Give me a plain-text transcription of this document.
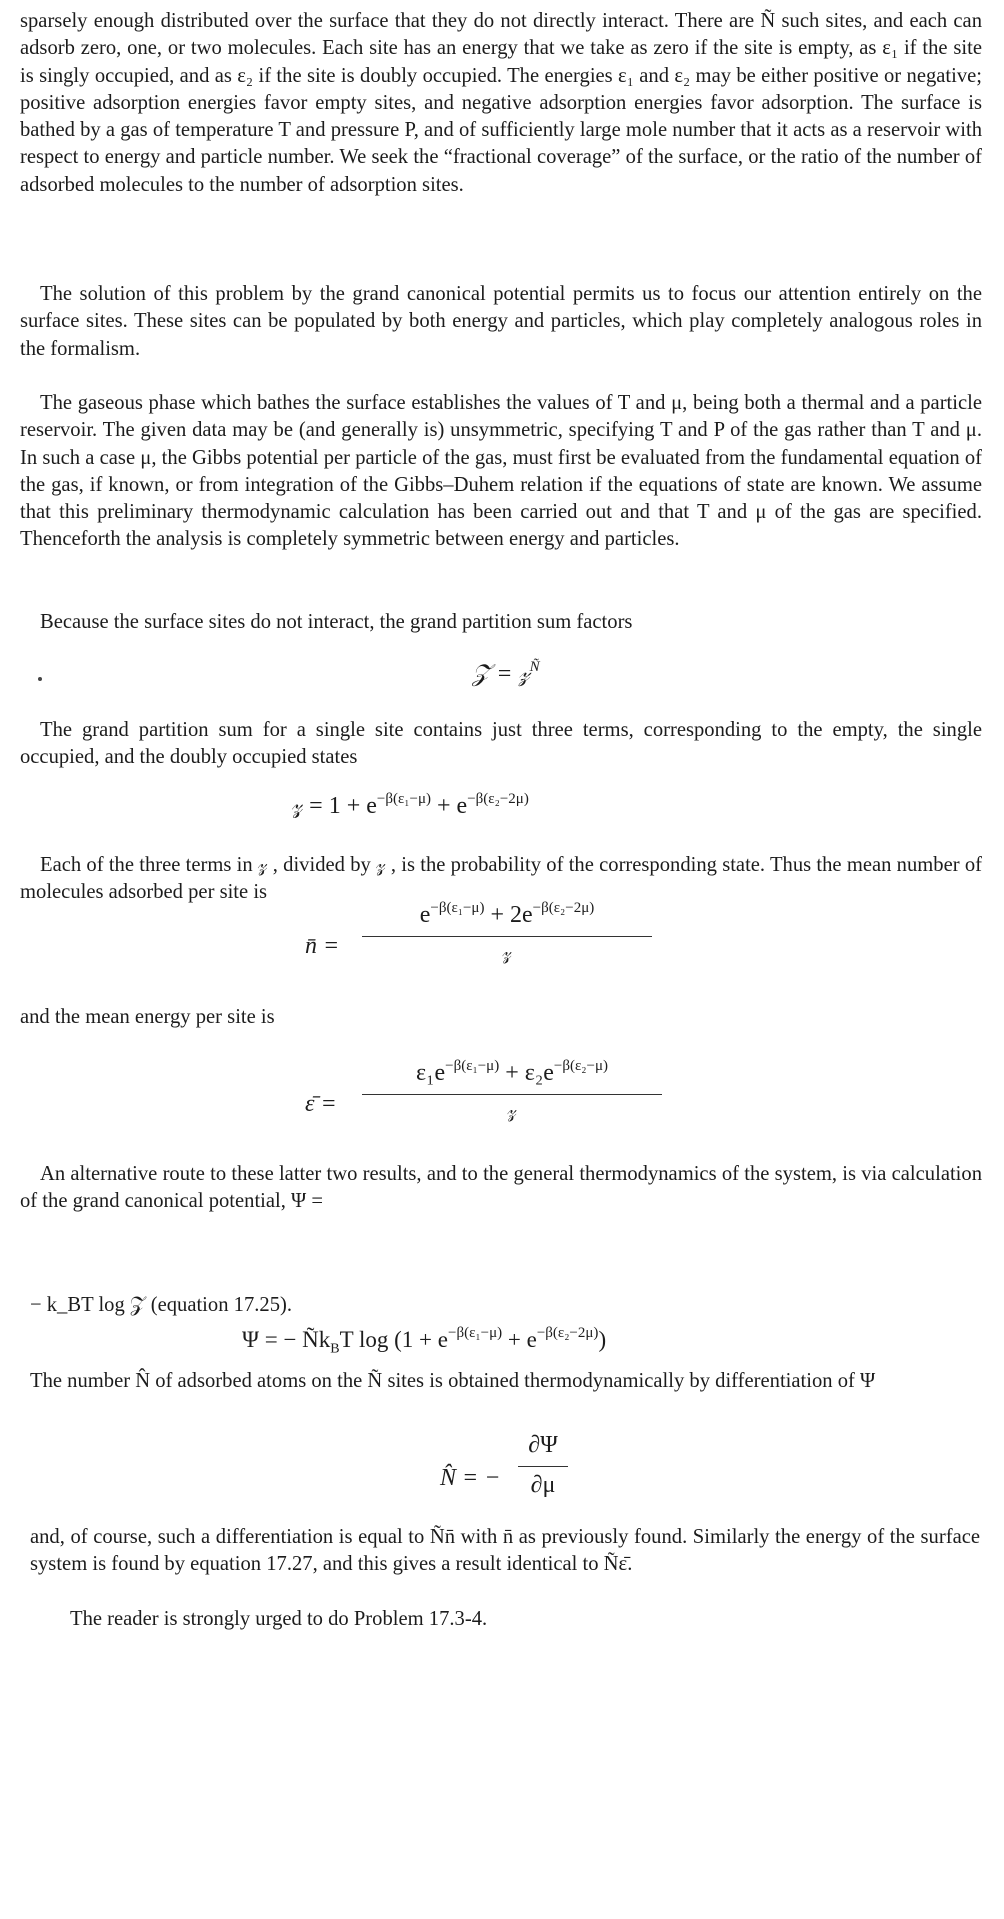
sparsely enough distributed over the surface that they do not directly interact. There are Ñ such sites, and each can adsorb zero, one, or two molecules. Each site has an energy that we take as zero if the site is empty, as ε₁ if the site is singly occupied, and as ε₂ if the site is doubly occupied. The energies ε₁ and ε₂ may be either positive or negative; positive adsorption energies favor empty sites, and negative adsorption energies favor adsorption. The surface is bathed by a gas of temperature T and pressure P, and of sufficiently large mole number that it acts as a reservoir with respect to energy and particle number. We seek the “fractional coverage” of the surface, or the ratio of the number of adsorbed molecules to the number of adsorption sites.

The solution of this problem by the grand canonical potential permits us to focus our attention entirely on the surface sites. These sites can be populated by both energy and particles, which play completely analogous roles in the formalism.

The gaseous phase which bathes the surface establishes the values of T and μ, being both a thermal and a particle reservoir. The given data may be (and generally is) unsymmetric, specifying T and P of the gas rather than T and μ. In such a case μ, the Gibbs potential per particle of the gas, must first be evaluated from the fundamental equation of the gas, if known, or from integration of the Gibbs–Duhem relation if the equations of state are known. We assume that this preliminary thermodynamic calculation has been carried out and that T and μ of the gas are specified. Thenceforth the analysis is completely symmetric between energy and particles.

Because the surface sites do not interact, the grand partition sum factors

𝒵 = 𝓏$^Ñ$

The grand partition sum for a single site contains just three terms, corresponding to the empty, the single occupied, and the doubly occupied states

𝓏 = $1 + e^{-\beta(\varepsilon_1-\mu)} + e^{-\beta(\varepsilon_2-2\mu)}$

Each of the three terms in 𝓏 , divided by 𝓏 , is the probability of the corresponding state. Thus the mean number of molecules adsorbed per site is

n̄ =
$e^{-\beta(\varepsilon_1-\mu)} + 2e^{-\beta(\varepsilon_2-2\mu)}$
𝓏

and the mean energy per site is

ε̄ =
$\varepsilon_1e^{-\beta(\varepsilon_1-\mu)} + \varepsilon_2e^{-\beta(\varepsilon_2-\mu)}$
𝓏

An alternative route to these latter two results, and to the general thermodynamics of the system, is via calculation of the grand canonical potential, Ψ =

− k_BT log 𝒵 (equation 17.25).

Ψ = − $Ñk_BT$ $\log (1 + e^{-\beta(\varepsilon_1-\mu)} + e^{-\beta(\varepsilon_2-2\mu)})$

The number N̂ of adsorbed atoms on the Ñ sites is obtained thermodynamically by differentiation of Ψ

N̂ = −
∂Ψ
∂μ

and, of course, such a differentiation is equal to Ñn̄ with n̄ as previously found. Similarly the energy of the surface system is found by equation 17.27, and this gives a result identical to Ñε̄.

The reader is strongly urged to do Problem 17.3-4.
